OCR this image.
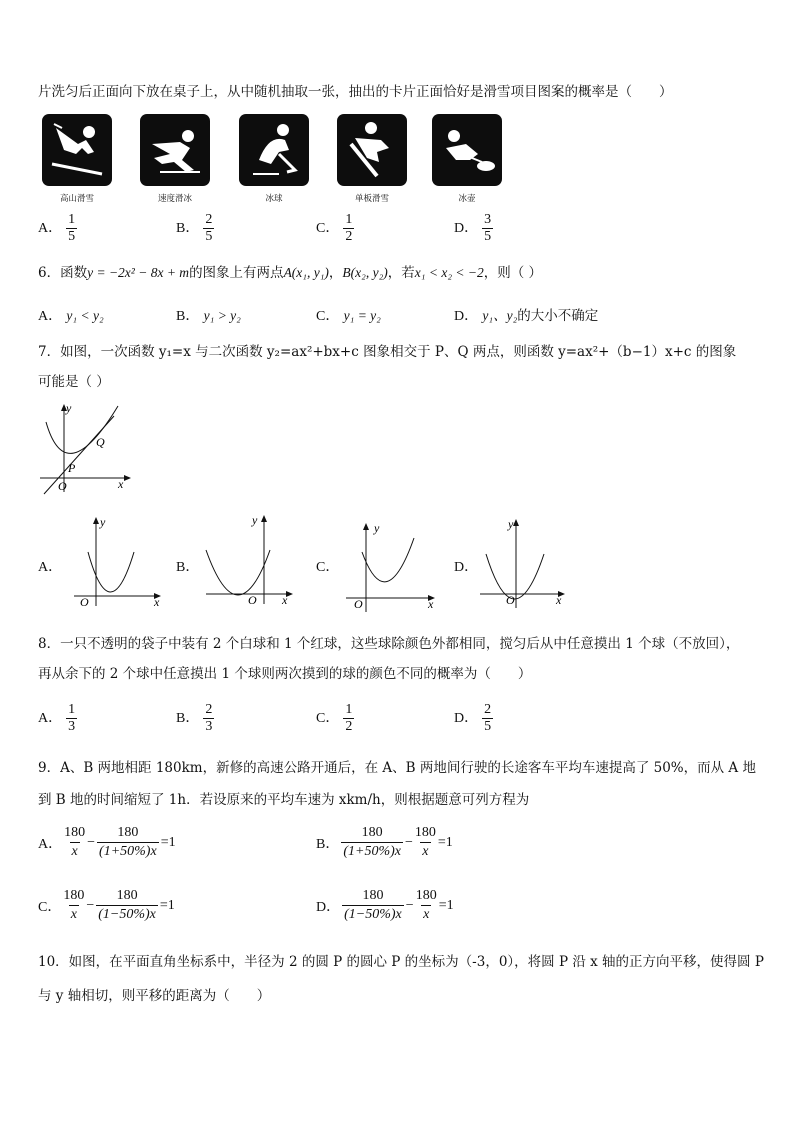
片洗匀后正面向下放在桌子上，从中随机抽取一张，抽出的卡片正面恰好是滑雪项目图案的概率是（　　）
高山滑雪	速度滑冰	冰球	单板滑雪	冰壶
A． $\frac{1}{5}$	B． $\frac{2}{5}$	C． $\frac{1}{2}$	D． $\frac{3}{5}$
6．函数y = −2x² − 8x + m的图象上有两点A(x₁, y₁)，B(x₂, y₂)，若x₁ < x₂ < −2，则（ ）
A． y₁ < y₂	B． y₁ > y₂	C． y₁ = y₂	D． y₁、y₂的大小不确定
7．如图，一次函数 y₁=x 与二次函数 y₂=ax²+bx+c 图象相交于 P、Q 两点，则函数 y=ax²+（b−1）x+c 的图象
可能是（ ）
y
x
O
P
Q
A．
y
x
O
B．
y
x
O
C．
y
x
O
D．
y
x
O
8．一只不透明的袋子中装有 2 个白球和 1 个红球，这些球除颜色外都相同，搅匀后从中任意摸出 1 个球（不放回），
再从余下的 2 个球中任意摸出 1 个球则两次摸到的球的颜色不同的概率为（　　）
A． $\frac{1}{3}$	B． $\frac{2}{3}$	C． $\frac{1}{2}$	D． $\frac{2}{5}$
9．A、B 两地相距 180km，新修的高速公路开通后，在 A、B 两地间行驶的长途客车平均车速提高了 50%，而从 A 地
到 B 地的时间缩短了 1h．若设原来的平均车速为 xkm/h，则根据题意可列方程为
A．
180
x
− $\frac{180}{(1+50\%)x} =1$	B．
180
(1+50%)x
− $\frac{180}{x} =1$
C．
180
x
− $\frac{180}{(1-50\%)x} =1$	D．
180
(1−50%)x
− $\frac{180}{x} =1$
10．如图，在平面直角坐标系中，半径为 2 的圆 P 的圆心 P 的坐标为（-3，0），将圆 P 沿 x 轴的正方向平移，使得圆 P
与 y 轴相切，则平移的距离为（　　）
